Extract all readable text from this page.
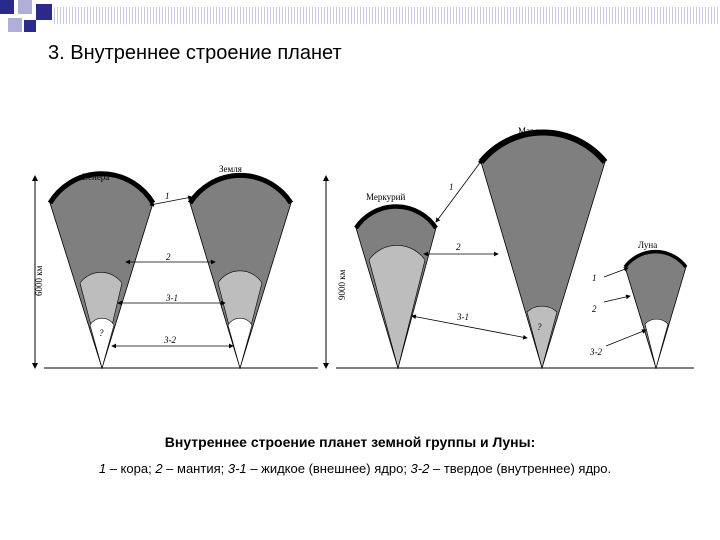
3. Внутреннее строение планет
6000 км
?
Венера
Земля
1
2
3-1
3-2
9000 км
Меркурий
?
Марс
Луна
1
2
3-1
1
2
3-2
Внутреннее строение планет земной группы и Луны:
1 – кора; 2 – мантия; 3-1 – жидкое (внешнее) ядро; 3-2 – твердое (внутреннее) ядро.
